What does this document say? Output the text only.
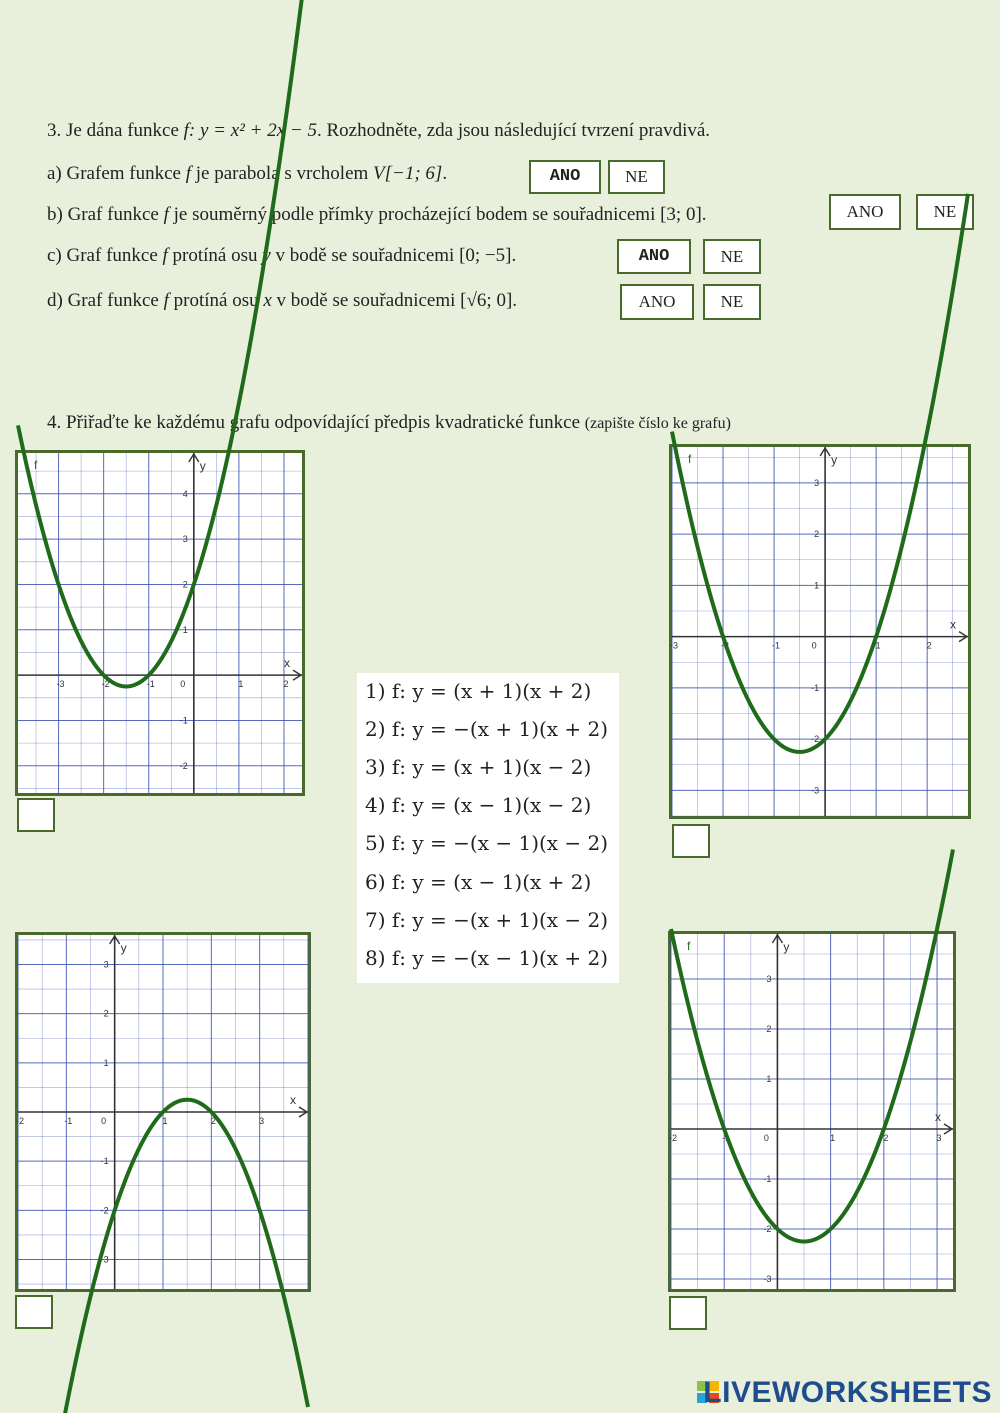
3. Je dána funkce f: y = x² + 2x − 5. Rozhodněte, zda jsou následující tvrzení pravdivá.
a) Grafem funkce f je parabola s vrcholem V[−1; 6].	ANO	NE
b) Graf funkce f je souměrný podle přímky procházející bodem se souřadnicemi [3; 0].	ANO	NE
c) Graf funkce f protíná osu y v bodě se souřadnicemi [0; −5].	ANO	NE
d) Graf funkce f protíná osu x v bodě se souřadnicemi [√6; 0].	ANO	NE
4. Přiřaďte ke každému grafu odpovídající předpis kvadratické funkce (zapište číslo ke grafu)
x
y
-3	-2	-1	0	1	2
4
3
2
1
-1
-2
f
x
y
-3	-2	-1	0	1	2
3
2
1
-1
-2
-3
f
x
y
-2	-1	0	1	2	3
3
2
1
-1
-2
-3
x
y
-2	-1	0	1	2	3
3
2
1
-1
-2
-3
f
1) f: y = (x + 1)(x + 2)
2) f: y = −(x + 1)(x + 2)
3) f: y = (x + 1)(x − 2)
4) f: y = (x − 1)(x − 2)
5) f: y = −(x − 1)(x − 2)
6) f: y = (x − 1)(x + 2)
7) f: y = −(x + 1)(x − 2)
8) f: y = −(x − 1)(x + 2)
LIVEWORKSHEETS
